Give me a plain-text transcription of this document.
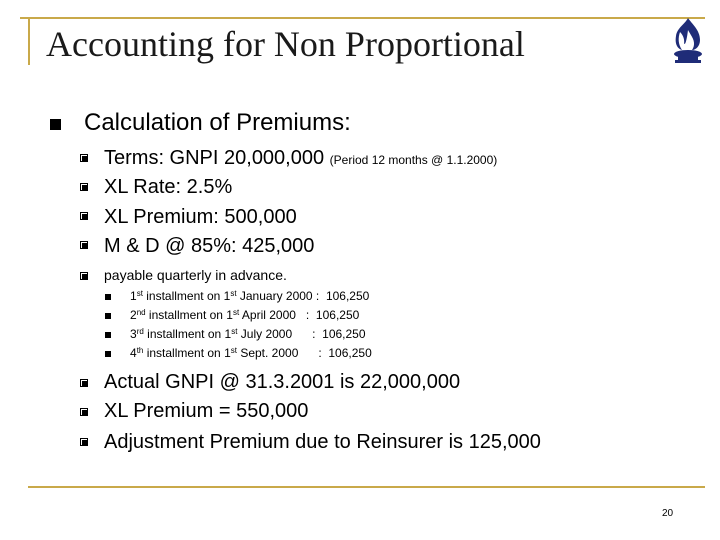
Accounting for Non Proportional
Calculation of Premiums:
Terms: GNPI 20,000,000 (Period 12 months @ 1.1.2000)
XL Rate: 2.5%
XL Premium: 500,000
M & D @ 85%: 425,000
payable quarterly in advance.
1st installment on 1st January 2000 :  106,250
2nd installment on 1st April 2000   :  106,250
3rd installment on 1st July 2000      :  106,250
4th installment on 1st Sept. 2000      :  106,250
Actual GNPI @ 31.3.2001 is 22,000,000
XL Premium = 550,000
Adjustment Premium due to Reinsurer is 125,000
20
